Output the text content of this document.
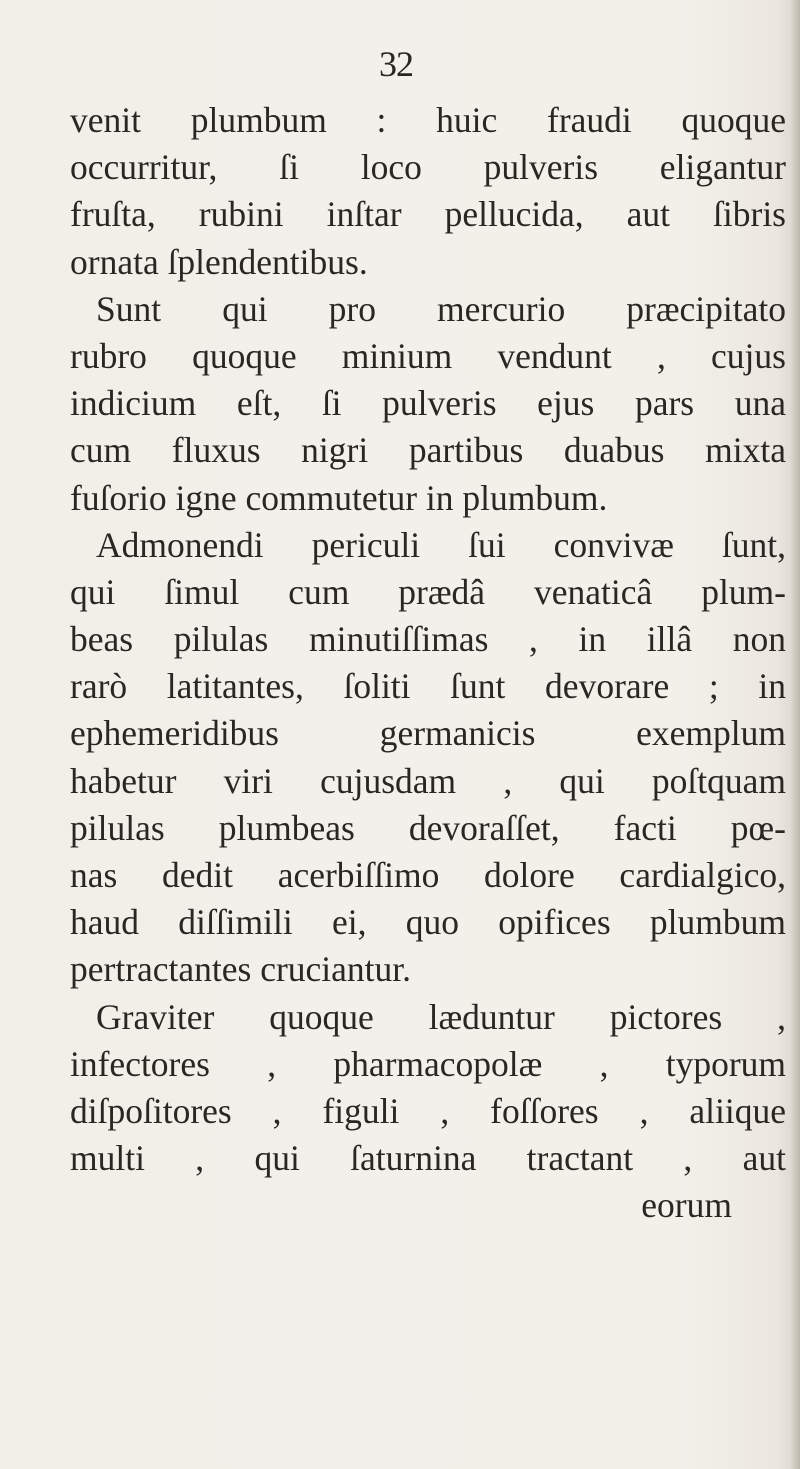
32
venit plumbum : huic fraudi quoque
occurritur, ſi loco pulveris eligantur
fruſta, rubini inſtar pellucida, aut ſibris
ornata ſplendentibus.
Sunt qui pro mercurio præcipitato
rubro quoque minium vendunt , cujus
indicium eſt, ſi pulveris ejus pars una
cum fluxus nigri partibus duabus mixta
fuſorio igne commutetur in plumbum.
Admonendi periculi ſui convivæ ſunt,
qui ſimul cum prædâ venaticâ plum-
beas pilulas minutiſſimas , in illâ non
rarò latitantes, ſoliti ſunt devorare ; in
ephemeridibus germanicis exemplum
habetur viri cujusdam , qui poſtquam
pilulas plumbeas devoraſſet, facti pœ-
nas dedit acerbiſſimo dolore cardialgico,
haud diſſimili ei, quo opifices plumbum
pertractantes cruciantur.
Graviter quoque læduntur pictores ,
infectores , pharmacopolæ , typorum
diſpoſitores , figuli , foſſores , aliique
multi , qui ſaturnina tractant , aut
eorum
